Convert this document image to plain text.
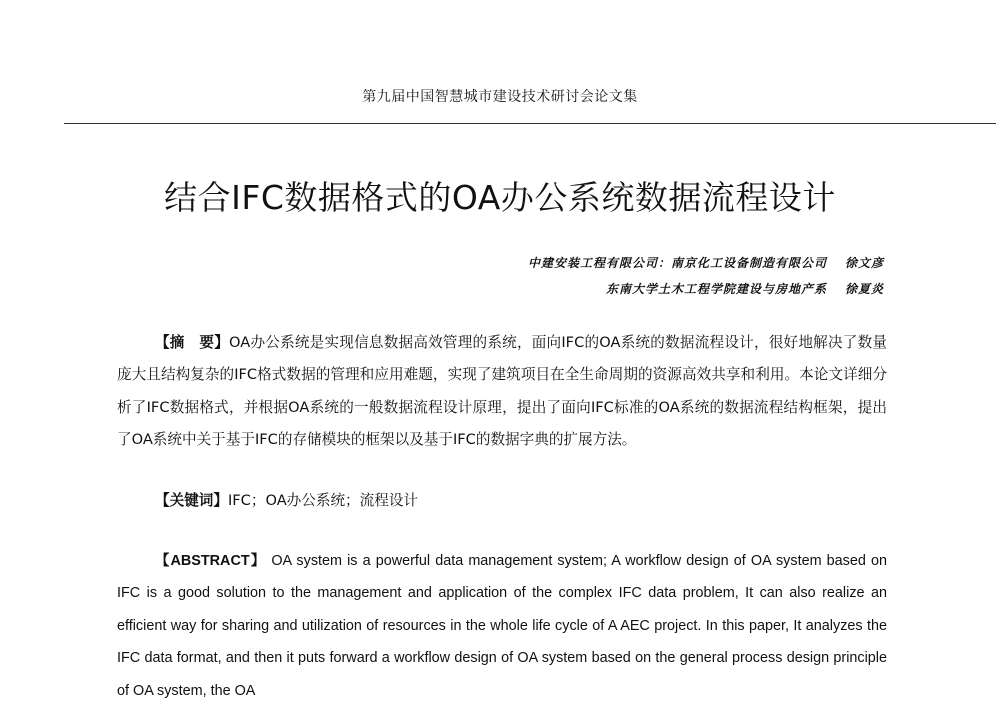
第九届中国智慧城市建设技术研讨会论文集
结合IFC数据格式的OA办公系统数据流程设计
中建安装工程有限公司：南京化工设备制造有限公司 徐文彦
东南大学土木工程学院建设与房地产系 徐夏炎

【摘　要】OA办公系统是实现信息数据高效管理的系统，面向IFC的OA系统的数据流程设计，很好地解决了数量庞大且结构复杂的IFC格式数据的管理和应用难题，实现了建筑项目在全生命周期的资源高效共享和利用。本论文详细分析了IFC数据格式，并根据OA系统的一般数据流程设计原理，提出了面向IFC标准的OA系统的数据流程结构框架，提出了OA系统中关于基于IFC的存储模块的框架以及基于IFC的数据字典的扩展方法。

【关键词】IFC；OA办公系统；流程设计

【ABSTRACT】 OA system is a powerful data management system; A workflow design of OA system based on IFC is a good solution to the management and application of the complex IFC data problem, It can also realize an efficient way for sharing and utilization of resources in the whole life cycle of A AEC project. In this paper, It analyzes the IFC data format, and then it puts forward a workflow design of OA system based on the general process design principle of OA system, the OA
